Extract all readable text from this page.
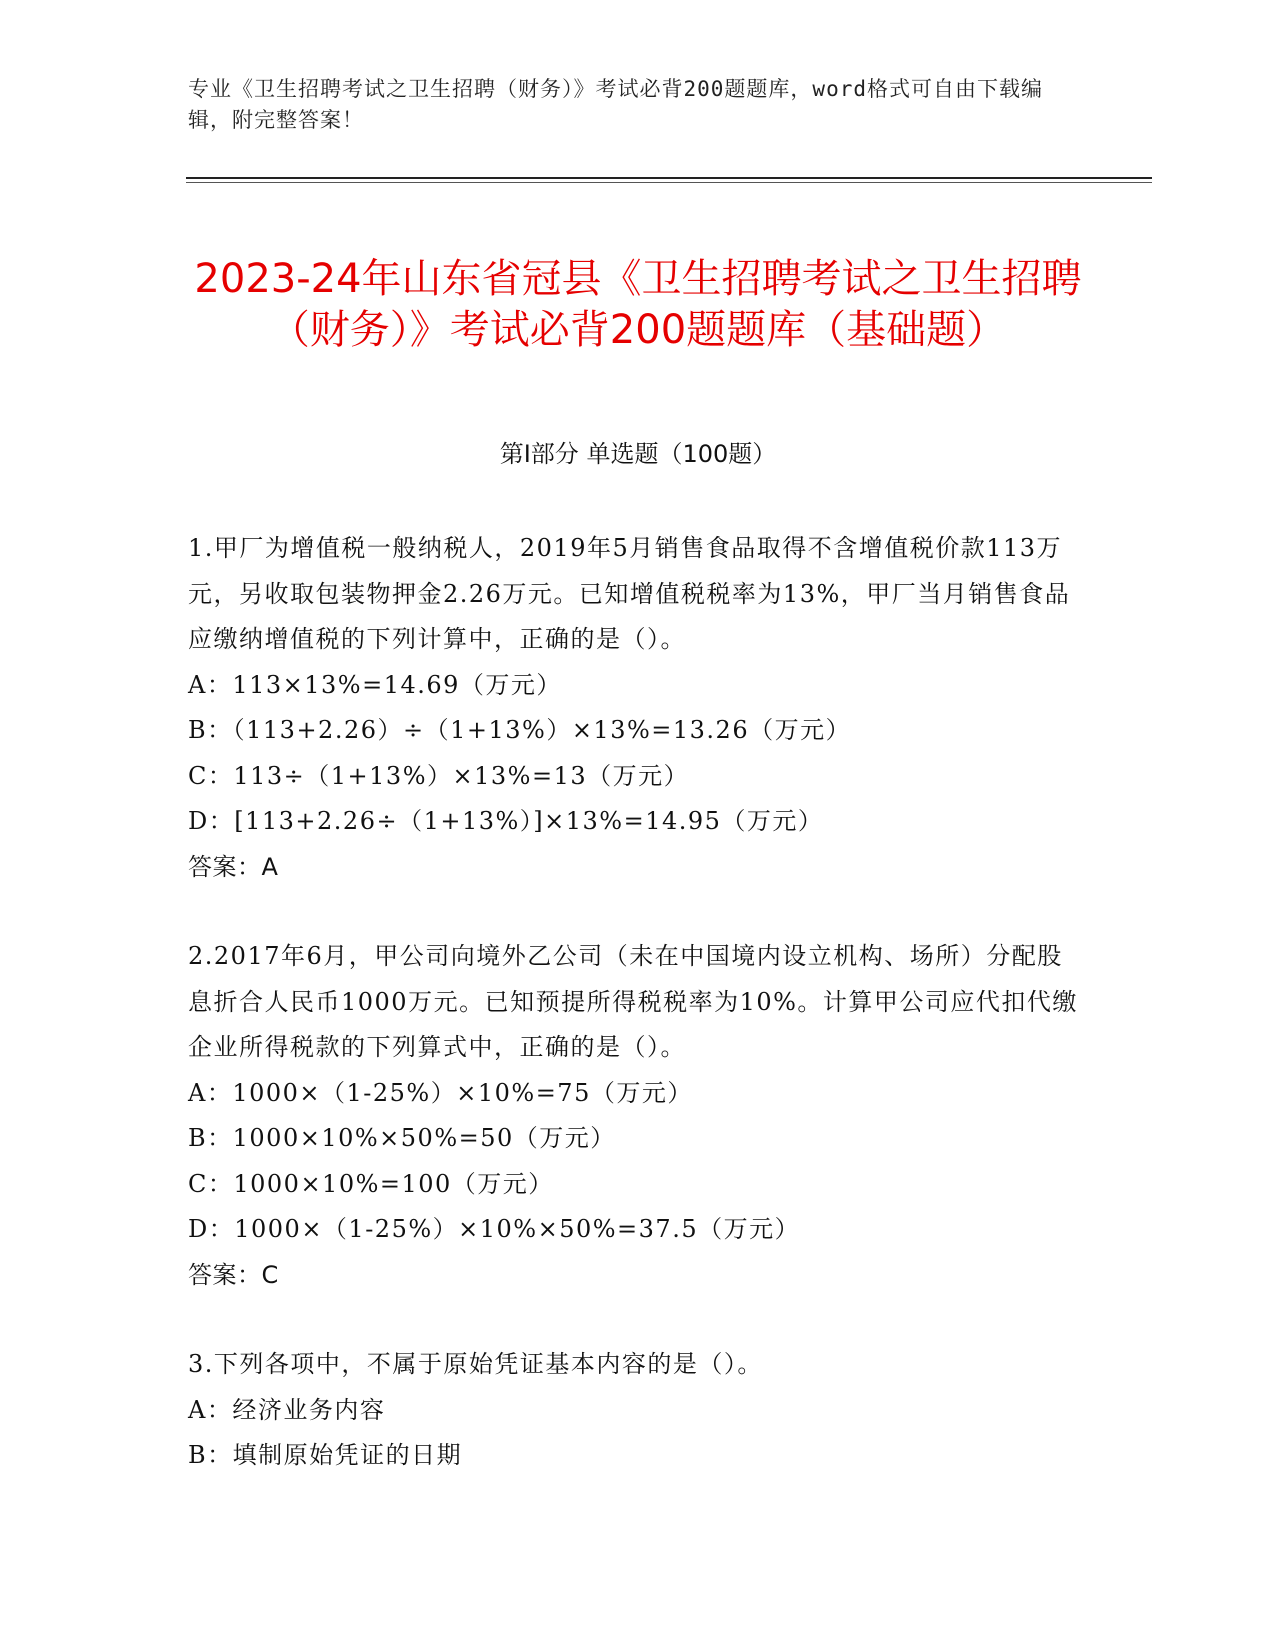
专业《卫生招聘考试之卫生招聘（财务）》考试必背200题题库，word格式可自由下载编辑，附完整答案！
2023-24年山东省冠县《卫生招聘考试之卫生招聘（财务）》考试必背200题题库（基础题）
第I部分 单选题（100题）

1.甲厂为增值税一般纳税人，2019年5月销售食品取得不含增值税价款113万元，另收取包装物押金2.26万元。已知增值税税率为13%，甲厂当月销售食品应缴纳增值税的下列计算中，正确的是（）。

A：113×13%=14.69（万元）

B：（113+2.26）÷（1+13%）×13%=13.26（万元）

C：113÷（1+13%）×13%=13（万元）

D：[113+2.26÷（1+13%）]×13%=14.95（万元）

答案：A

2.2017年6月，甲公司向境外乙公司（未在中国境内设立机构、场所）分配股息折合人民币1000万元。已知预提所得税税率为10%。计算甲公司应代扣代缴企业所得税款的下列算式中，正确的是（）。

A：1000×（1-25%）×10%=75（万元）

B：1000×10%×50%=50（万元）

C：1000×10%=100（万元）

D：1000×（1-25%）×10%×50%=37.5（万元）

答案：C

3.下列各项中，不属于原始凭证基本内容的是（）。

A：经济业务内容

B：填制原始凭证的日期
